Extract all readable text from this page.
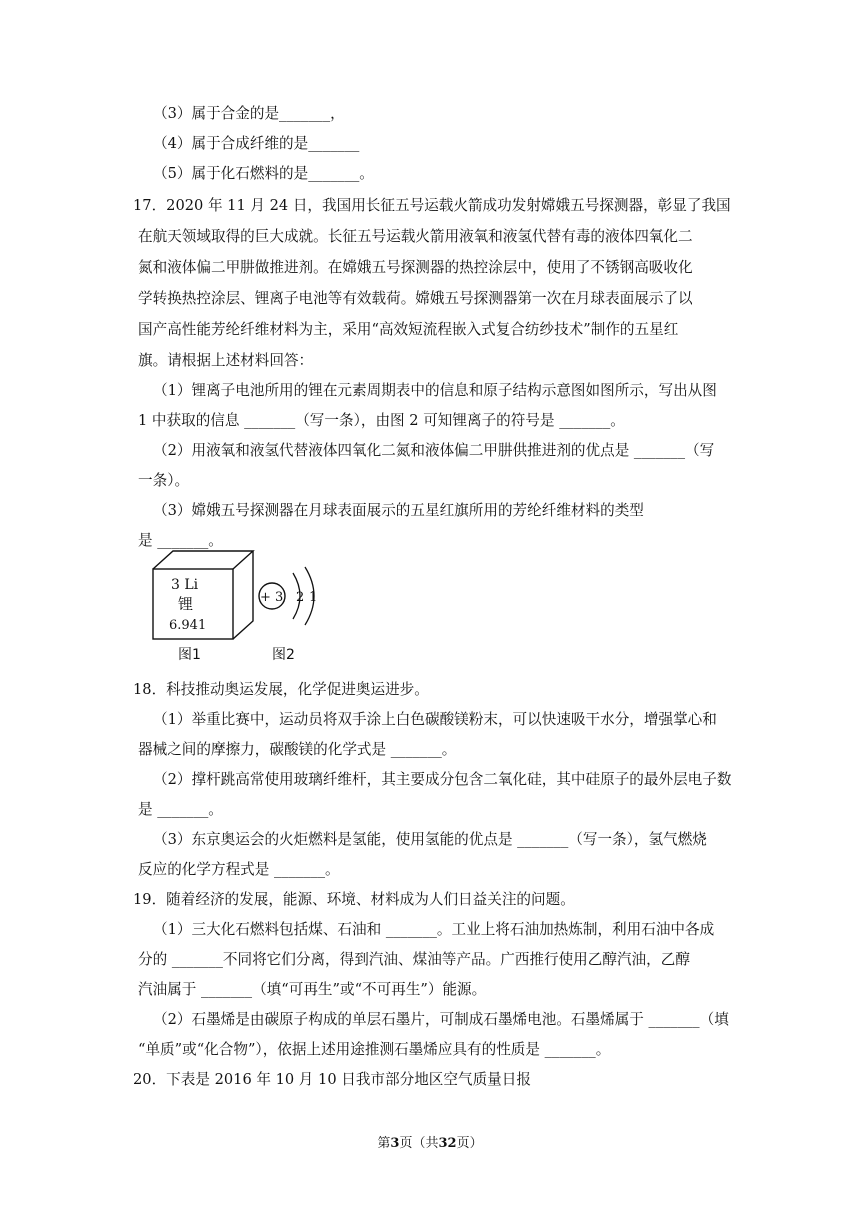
（3）属于合金的是_______，
（4）属于合成纤维的是_______
（5）属于化石燃料的是_______。
17．2020 年 11 月 24 日，我国用长征五号运载火箭成功发射嫦娥五号探测器，彰显了我国
在航天领域取得的巨大成就。长征五号运载火箭用液氧和液氢代替有毒的液体四氧化二
氮和液体偏二甲肼做推进剂。在嫦娥五号探测器的热控涂层中，使用了不锈钢高吸收化
学转换热控涂层、锂离子电池等有效载荷。嫦娥五号探测器第一次在月球表面展示了以
国产高性能芳纶纤维材料为主，采用“高效短流程嵌入式复合纺纱技术”制作的五星红
旗。请根据上述材料回答：
（1）锂离子电池所用的锂在元素周期表中的信息和原子结构示意图如图所示，写出从图
1 中获取的信息 _______（写一条），由图 2 可知锂离子的符号是 _______。
（2）用液氧和液氢代替液体四氧化二氮和液体偏二甲肼供推进剂的优点是 _______（写
一条）。
（3）嫦娥五号探测器在月球表面展示的五星红旗所用的芳纶纤维材料的类型
是 _______。
18．科技推动奥运发展，化学促进奥运进步。
（1）举重比赛中，运动员将双手涂上白色碳酸镁粉末，可以快速吸干水分，增强掌心和
器械之间的摩擦力，碳酸镁的化学式是 _______。
（2）撑杆跳高常使用玻璃纤维杆，其主要成分包含二氧化硅，其中硅原子的最外层电子数
是 _______。
（3）东京奥运会的火炬燃料是氢能，使用氢能的优点是 _______（写一条），氢气燃烧
反应的化学方程式是 _______。
19．随着经济的发展，能源、环境、材料成为人们日益关注的问题。
（1）三大化石燃料包括煤、石油和 _______。工业上将石油加热炼制，利用石油中各成
分的 _______不同将它们分离，得到汽油、煤油等产品。广西推行使用乙醇汽油，乙醇
汽油属于 _______（填“可再生”或“不可再生”）能源。
（2）石墨烯是由碳原子构成的单层石墨片，可制成石墨烯电池。石墨烯属于 _______（填
“单质”或“化合物”），依据上述用途推测石墨烯应具有的性质是 _______。
20．下表是 2016 年 10 月 10 日我市部分地区空气质量日报
3 Li
锂
6.941
+ 3 2 1
图1	图2
第3页（共32页）
